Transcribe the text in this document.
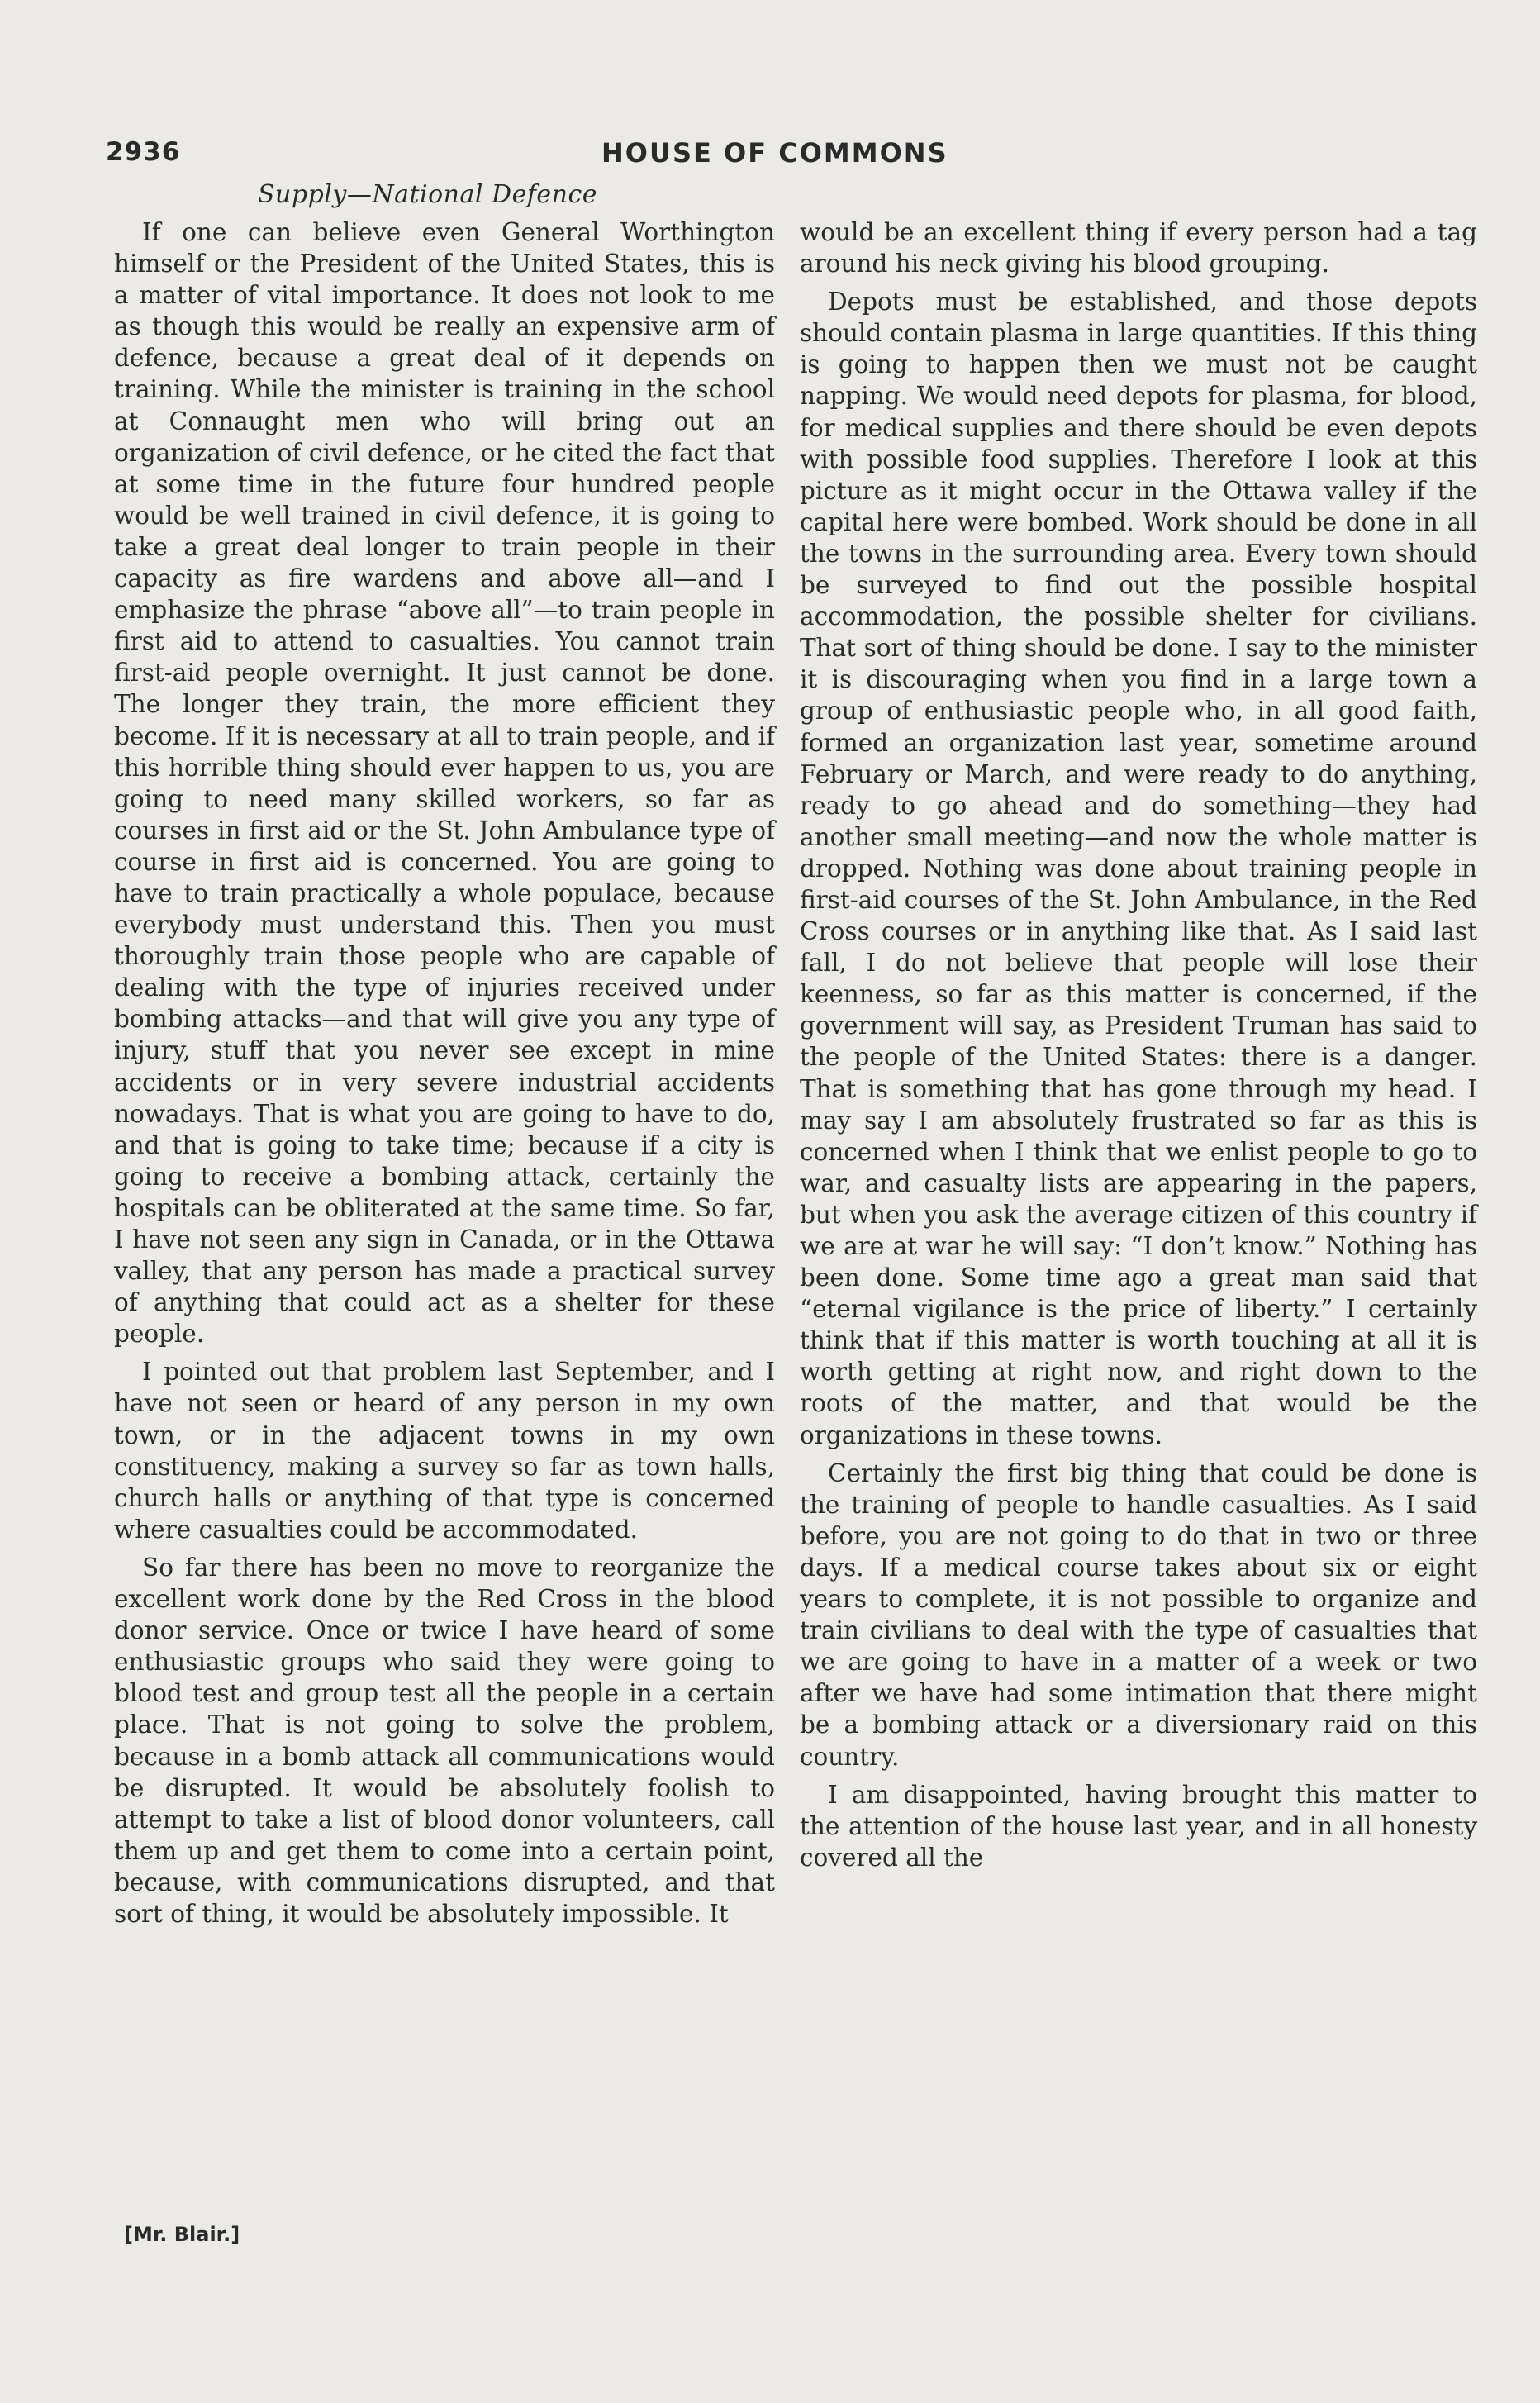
2936	HOUSE OF COMMONS
Supply—National Defence

If one can believe even General Worthington himself or the President of the United States, this is a matter of vital importance. It does not look to me as though this would be really an expensive arm of defence, because a great deal of it depends on training. While the minister is training in the school at Connaught men who will bring out an organization of civil defence, or he cited the fact that at some time in the future four hundred people would be well trained in civil defence, it is going to take a great deal longer to train people in their capacity as fire wardens and above all—and I emphasize the phrase “above all”—to train people in first aid to attend to casualties. You cannot train first-aid people overnight. It just cannot be done. The longer they train, the more efficient they become. If it is necessary at all to train people, and if this horrible thing should ever happen to us, you are going to need many skilled workers, so far as courses in first aid or the St. John Ambulance type of course in first aid is concerned. You are going to have to train practically a whole populace, because everybody must understand this. Then you must thoroughly train those people who are capable of dealing with the type of injuries received under bombing attacks—and that will give you any type of injury, stuff that you never see except in mine accidents or in very severe industrial accidents nowadays. That is what you are going to have to do, and that is going to take time; because if a city is going to receive a bombing attack, certainly the hospitals can be obliterated at the same time. So far, I have not seen any sign in Canada, or in the Ottawa valley, that any person has made a practical survey of anything that could act as a shelter for these people.

I pointed out that problem last September, and I have not seen or heard of any person in my own town, or in the adjacent towns in my own constituency, making a survey so far as town halls, church halls or anything of that type is concerned where casualties could be accommodated.

So far there has been no move to reorganize the excellent work done by the Red Cross in the blood donor service. Once or twice I have heard of some enthusiastic groups who said they were going to blood test and group test all the people in a certain place. That is not going to solve the problem, because in a bomb attack all communications would be disrupted. It would be absolutely foolish to attempt to take a list of blood donor volunteers, call them up and get them to come into a certain point, because, with communications disrupted, and that sort of thing, it would be absolutely impossible. It

would be an excellent thing if every person had a tag around his neck giving his blood grouping.

Depots must be established, and those depots should contain plasma in large quantities. If this thing is going to happen then we must not be caught napping. We would need depots for plasma, for blood, for medical supplies and there should be even depots with possible food supplies. Therefore I look at this picture as it might occur in the Ottawa valley if the capital here were bombed. Work should be done in all the towns in the surrounding area. Every town should be surveyed to find out the possible hospital accommodation, the possible shelter for civilians. That sort of thing should be done. I say to the minister it is discouraging when you find in a large town a group of enthusiastic people who, in all good faith, formed an organization last year, sometime around February or March, and were ready to do anything, ready to go ahead and do something—they had another small meeting—and now the whole matter is dropped. Nothing was done about training people in first-aid courses of the St. John Ambulance, in the Red Cross courses or in anything like that. As I said last fall, I do not believe that people will lose their keenness, so far as this matter is concerned, if the government will say, as President Truman has said to the people of the United States: there is a danger. That is something that has gone through my head. I may say I am absolutely frustrated so far as this is concerned when I think that we enlist people to go to war, and casualty lists are appearing in the papers, but when you ask the average citizen of this country if we are at war he will say: “I don’t know.” Nothing has been done. Some time ago a great man said that “eternal vigilance is the price of liberty.” I certainly think that if this matter is worth touching at all it is worth getting at right now, and right down to the roots of the matter, and that would be the organizations in these towns.

Certainly the first big thing that could be done is the training of people to handle casualties. As I said before, you are not going to do that in two or three days. If a medical course takes about six or eight years to complete, it is not possible to organize and train civilians to deal with the type of casualties that we are going to have in a matter of a week or two after we have had some intimation that there might be a bombing attack or a diversionary raid on this country.

I am disappointed, having brought this matter to the attention of the house last year, and in all honesty covered all the

[Mr. Blair.]
